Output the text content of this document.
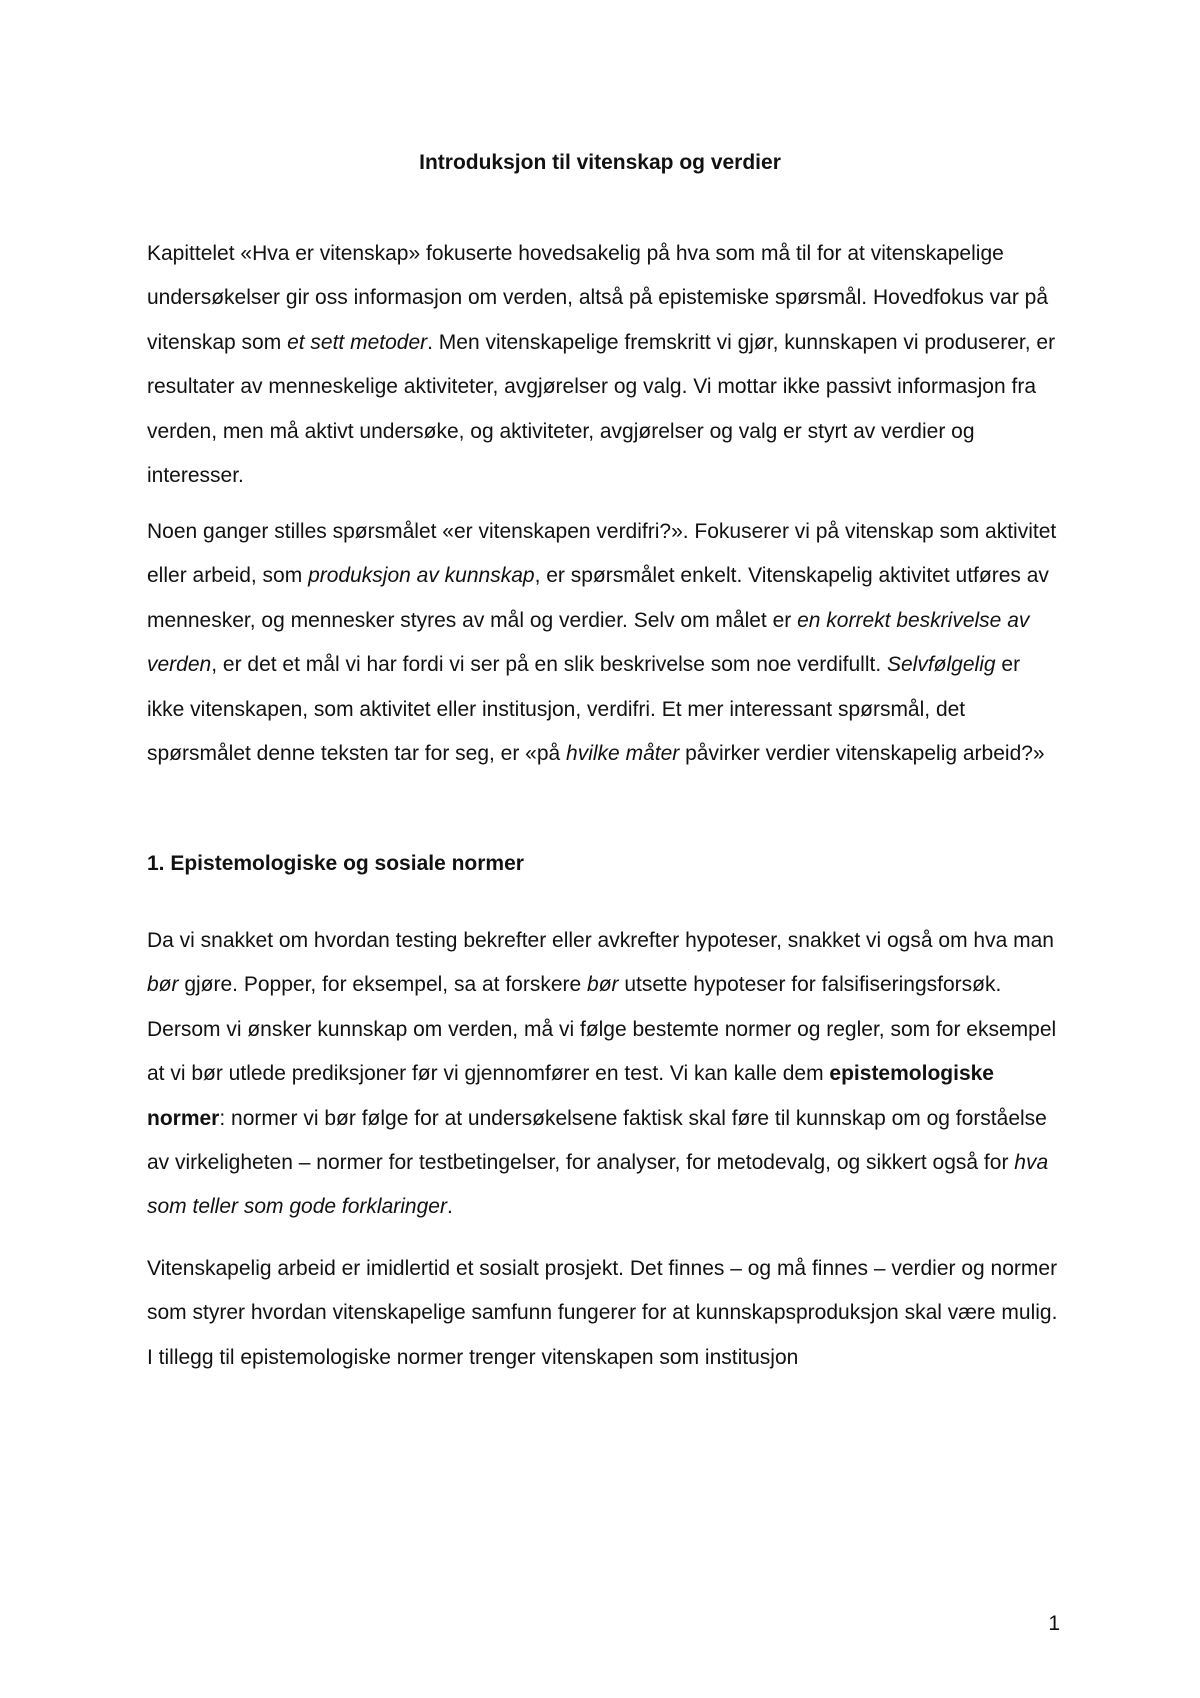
Introduksjon til vitenskap og verdier

Kapittelet «Hva er vitenskap» fokuserte hovedsakelig på hva som må til for at vitenskapelige undersøkelser gir oss informasjon om verden, altså på epistemiske spørsmål. Hovedfokus var på vitenskap som et sett metoder. Men vitenskapelige fremskritt vi gjør, kunnskapen vi produserer, er resultater av menneskelige aktiviteter, avgjørelser og valg. Vi mottar ikke passivt informasjon fra verden, men må aktivt undersøke, og aktiviteter, avgjørelser og valg er styrt av verdier og interesser.

Noen ganger stilles spørsmålet «er vitenskapen verdifri?». Fokuserer vi på vitenskap som aktivitet eller arbeid, som produksjon av kunnskap, er spørsmålet enkelt. Vitenskapelig aktivitet utføres av mennesker, og mennesker styres av mål og verdier. Selv om målet er en korrekt beskrivelse av verden, er det et mål vi har fordi vi ser på en slik beskrivelse som noe verdifullt. Selvfølgelig er ikke vitenskapen, som aktivitet eller institusjon, verdifri. Et mer interessant spørsmål, det spørsmålet denne teksten tar for seg, er «på hvilke måter påvirker verdier vitenskapelig arbeid?»

1. Epistemologiske og sosiale normer

Da vi snakket om hvordan testing bekrefter eller avkrefter hypoteser, snakket vi også om hva man bør gjøre. Popper, for eksempel, sa at forskere bør utsette hypoteser for falsifiseringsforsøk. Dersom vi ønsker kunnskap om verden, må vi følge bestemte normer og regler, som for eksempel at vi bør utlede prediksjoner før vi gjennomfører en test. Vi kan kalle dem epistemologiske normer: normer vi bør følge for at undersøkelsene faktisk skal føre til kunnskap om og forståelse av virkeligheten – normer for testbetingelser, for analyser, for metodevalg, og sikkert også for hva som teller som gode forklaringer.

Vitenskapelig arbeid er imidlertid et sosialt prosjekt. Det finnes – og må finnes – verdier og normer som styrer hvordan vitenskapelige samfunn fungerer for at kunnskapsproduksjon skal være mulig. I tillegg til epistemologiske normer trenger vitenskapen som institusjon

1
